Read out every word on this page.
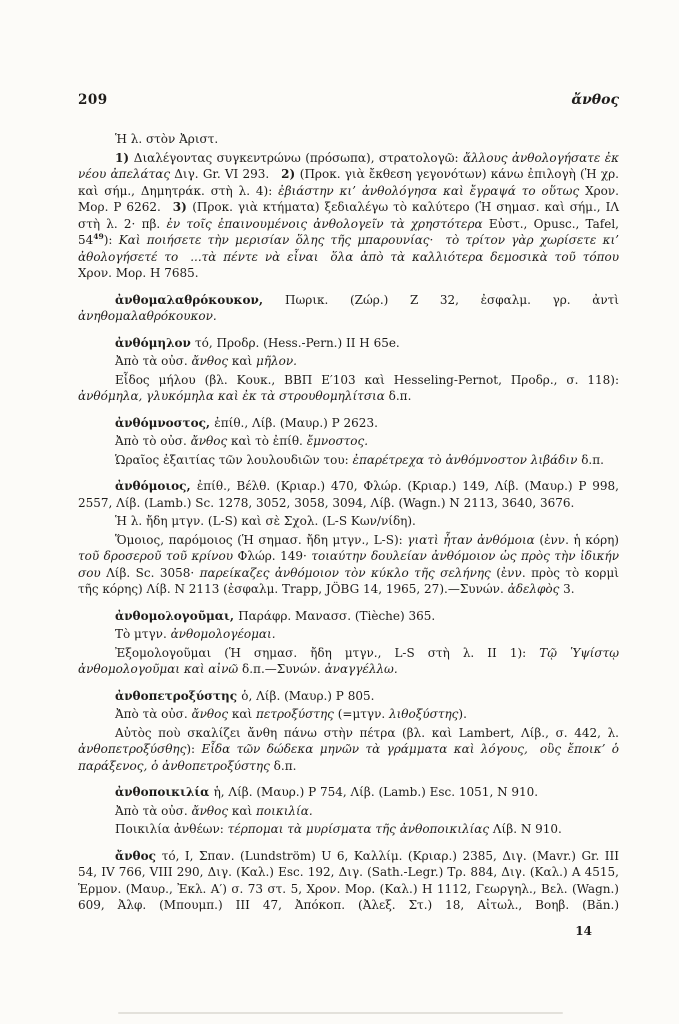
209	ἄνθος

Ἡ λ. στὸν Ἀριστ.

1) Διαλέγοντας συγκεντρώνω (πρόσωπα), στρατολογῶ: ἄλλους ἀνθολογήσατε ἐκ νέου ἀπελάτας Διγ. Gr. VI 293. 2) (Προκ. γιὰ ἔκθεση γεγονότων) κάνω ἐπιλογὴ (Ἡ χρ. καὶ σήμ., Δημητράκ. στὴ λ. 4): ἐβιάστην κι’ ἀνθολόγησα καὶ ἔγραψά το οὕτως Χρον. Μορ. Ρ 6262. 3) (Προκ. γιὰ κτήματα) ξεδιαλέγω τὸ καλύτερο (Ἡ σημασ. καὶ σήμ., ΙΛ στὴ λ. 2· πβ. ἐν τοῖς ἐπαινουμένοις ἀνθολογεῖν τὰ χρηστότερα Εὐστ., Opusc., Tafel, $54^{49}$): Καὶ ποιήσετε τὴν μερισίαν ὅλης τῆς μπαρουνίας· τὸ τρίτον γὰρ χωρίσετε κι’ ἀθολογήσετέ το ...τὰ πέντε νὰ εἶναι ὅλα ἀπὸ τὰ καλλιότερα δεμοσικὰ τοῦ τόπου Χρον. Μορ. Η 7685.

ἀνθομαλαθρόκουκον, Πωρικ. (Ζώρ.) Ζ 32, ἐσφαλμ. γρ. ἀντὶ ἀνηθομαλαθρόκουκον.

ἀνθόμηλον τό, Προδρ. (Hess.-Pern.) II Η 65e.

Ἀπὸ τὰ οὐσ. ἄνθος καὶ μῆλον.

Εἶδος μήλου (βλ. Κουκ., ΒΒΠ Ε′103 καὶ Hesseling-Pernot, Προδρ., σ. 118): ἀνθόμηλα, γλυκόμηλα καὶ ἐκ τὰ στρουθομηλίτσια δ.π.

ἀνθόμνοστος, ἐπίθ., Λίβ. (Μαυρ.) Ρ 2623.

Ἀπὸ τὸ οὐσ. ἄνθος καὶ τὸ ἐπίθ. ἔμνοστος.

Ὡραῖος ἐξαιτίας τῶν λουλουδιῶν του: ἐπαρέτρεχα τὸ ἀνθόμνοστον λιβάδιν δ.π.

ἀνθόμοιος, ἐπίθ., Βέλθ. (Κριαρ.) 470, Φλώρ. (Κριαρ.) 149, Λίβ. (Μαυρ.) Ρ 998, 2557, Λίβ. (Lamb.) Sc. 1278, 3052, 3058, 3094, Λίβ. (Wagn.) Ν 2113, 3640, 3676.

Ἡ λ. ἤδη μτγν. (L-S) καὶ σὲ Σχολ. (L-S Κων/νίδη).

Ὅμοιος, παρόμοιος (Ἡ σημασ. ἤδη μτγν., L-S): γιατὶ ἦταν ἀνθόμοια (ἐνν. ἡ κόρη) τοῦ δροσεροῦ τοῦ κρίνου Φλώρ. 149· τοιαύτην δουλείαν ἀνθόμοιον ὡς πρὸς τὴν ἰδικήν σου Λίβ. Sc. 3058· παρείκαζες ἀνθόμοιον τὸν κύκλο τῆς σελήνης (ἐνν. πρὸς τὸ κορμὶ τῆς κόρης) Λίβ. Ν 2113 (ἐσφαλμ. Trapp, JÖBG 14, 1965, 27).—Συνών. ἀδελφὸς 3.

ἀνθομολογοῦμαι, Παράφρ. Μανασσ. (Tièche) 365.

Τὸ μτγν. ἀνθομολογέομαι.

Ἐξομολογοῦμαι (Ἡ σημασ. ἤδη μτγν., L-S στὴ λ. ΙΙ 1): Τῷ Ὑψίστῳ ἀνθομολογοῦμαι καὶ αἰνῶ δ.π.—Συνών. ἀναγγέλλω.

ἀνθοπετροξύστης ὁ, Λίβ. (Μαυρ.) Ρ 805.

Ἀπὸ τὰ οὐσ. ἄνθος καὶ πετροξύστης (=μτγν. λιθοξύστης).

Αὐτὸς ποὺ σκαλίζει ἄνθη πάνω στὴν πέτρα (βλ. καὶ Lambert, Λίβ., σ. 442, λ. ἀνθοπετροξύσθης): Εἶδα τῶν δώδεκα μηνῶν τὰ γράμματα καὶ λόγους, οὓς ἔποικ’ ὁ παράξενος, ὁ ἀνθοπετροξύστης δ.π.

ἀνθοποικιλία ἡ, Λίβ. (Μαυρ.) Ρ 754, Λίβ. (Lamb.) Esc. 1051, Ν 910.

Ἀπὸ τὰ οὐσ. ἄνθος καὶ ποικιλία.

Ποικιλία ἀνθέων: τέρπομαι τὰ μυρίσματα τῆς ἀνθοποικιλίας Λίβ. Ν 910.

ἄνθος τό, Ι, Σπαν. (Lundström) U 6, Καλλίμ. (Κριαρ.) 2385, Διγ. (Mavr.) Gr. III 54, IV 766, VIII 290, Διγ. (Καλ.) Esc. 192, Διγ. (Sath.-Legr.) Τρ. 884, Διγ. (Καλ.) Α 4515, Ἑρμον. (Μαυρ., Ἐκλ. Α′) σ. 73 στ. 5, Χρον. Μορ. (Καλ.) Η 1112, Γεωργηλ., Βελ. (Wagn.) 609, Ἀλφ. (Μπουμπ.) ΙΙΙ 47, Ἀπόκοπ. (Ἀλεξ. Στ.) 18, Αἰτωλ., Βοηβ. (Băn.)

14
